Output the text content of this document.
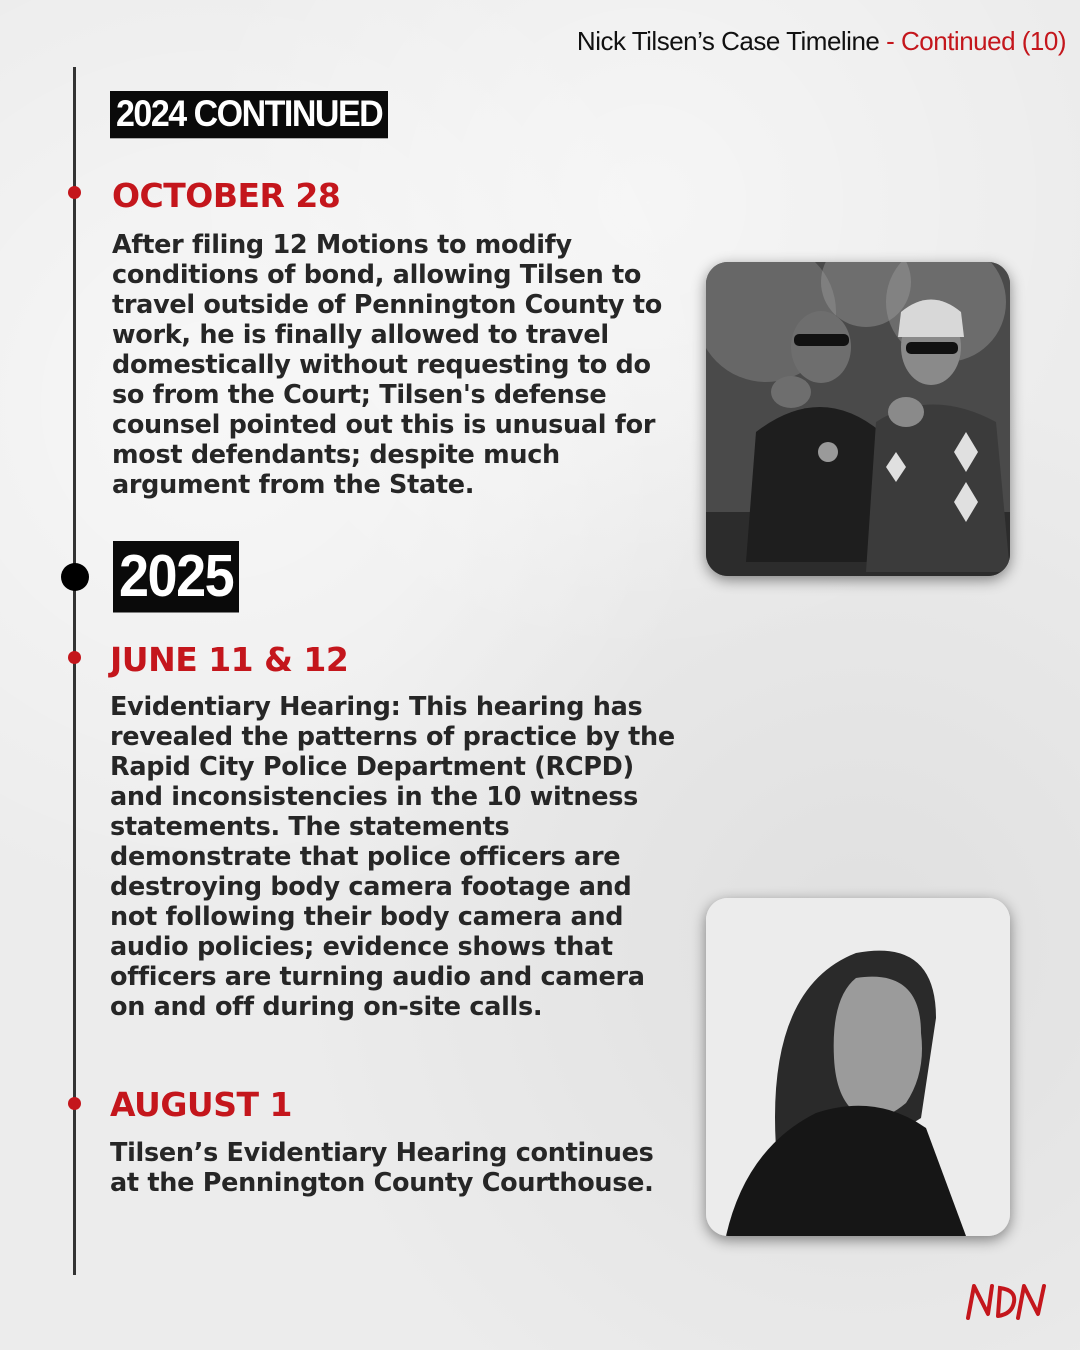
Nick Tilsen’s Case Timeline - Continued (10)
2024 CONTINUED
OCTOBER 28
After filing 12 Motions to modify conditions of bond, allowing Tilsen to travel outside of Pennington County to work, he is finally allowed to travel domestically without requesting to do so from the Court; Tilsen's defense counsel pointed out this is unusual for most defendants; despite much argument from the State.
2025
JUNE 11 & 12
Evidentiary Hearing: This hearing has revealed the patterns of practice by the Rapid City Police Department (RCPD) and inconsistencies in the 10 witness statements. The statements demonstrate that police officers are destroying body camera footage and not following their body camera and audio policies; evidence shows that officers are turning audio and camera on and off during on-site calls.
AUGUST 1
Tilsen’s Evidentiary Hearing continues at the Pennington County Courthouse.
